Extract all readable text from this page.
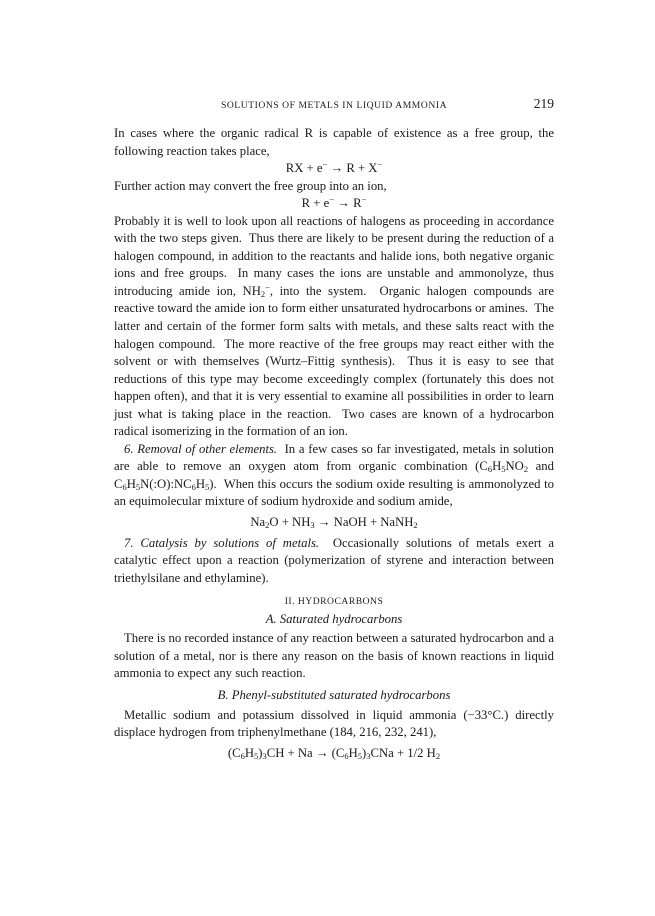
SOLUTIONS OF METALS IN LIQUID AMMONIA	219

In cases where the organic radical R is capable of existence as a free group, the following reaction takes place,

RX + e− → R + X−

Further action may convert the free group into an ion,

R + e− → R−

Probably it is well to look upon all reactions of halogens as proceeding in accordance with the two steps given.  Thus there are likely to be present during the reduction of a halogen compound, in addition to the reactants and halide ions, both negative organic ions and free groups.  In many cases the ions are unstable and ammonolyze, thus introducing amide ion, $NH_2^-$, into the system.  Organic halogen compounds are reactive toward the amide ion to form either unsaturated hydrocarbons or amines.  The latter and certain of the former form salts with metals, and these salts react with the halogen compound.  The more reactive of the free groups may react either with the solvent or with themselves (Wurtz–Fittig synthesis).  Thus it is easy to see that reductions of this type may become exceedingly complex (fortunately this does not happen often), and that it is very essential to examine all possibilities in order to learn just what is taking place in the reaction.  Two cases are known of a hydrocarbon radical isomerizing in the formation of an ion.

6. Removal of other elements.  In a few cases so far investigated, metals in solution are able to remove an oxygen atom from organic combination ($C_6H_5NO_2$ and $C_6H_5N(:O):NC_6H_5$).  When this occurs the sodium oxide resulting is ammonolyzed to an equimolecular mixture of sodium hydroxide and sodium amide,

$Na_2O + NH_3$ → NaOH + NaNH$_2$

7. Catalysis by solutions of metals.  Occasionally solutions of metals exert a catalytic effect upon a reaction (polymerization of styrene and interaction between triethylsilane and ethylamine).

II. HYDROCARBONS
A. Saturated hydrocarbons

There is no recorded instance of any reaction between a saturated hydrocarbon and a solution of a metal, nor is there any reason on the basis of known reactions in liquid ammonia to expect any such reaction.

B. Phenyl-substituted saturated hydrocarbons

Metallic sodium and potassium dissolved in liquid ammonia (−33°C.) directly displace hydrogen from triphenylmethane (184, 216, 232, 241),

$(C_6H_5)_3CH + Na \to (C_6H_5)_3CNa + 1/2$ $H_2$
